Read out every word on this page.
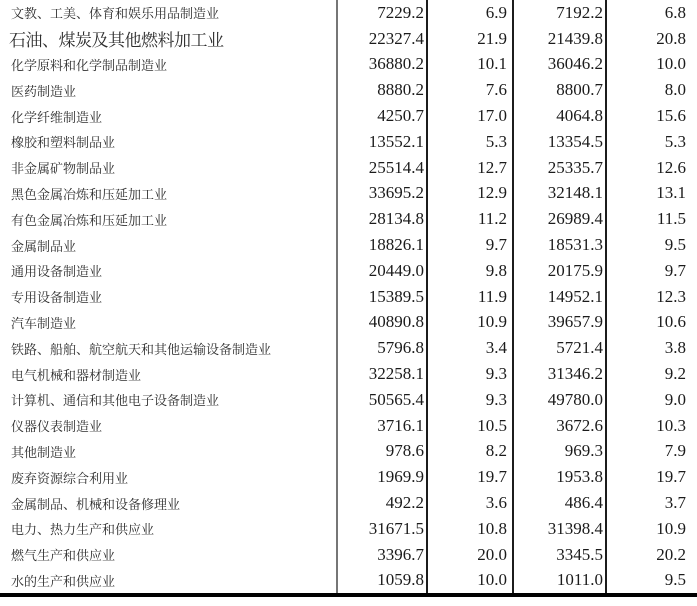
文教、工美、体育和娱乐用品制造业	7229.2	6.9	7192.2	6.8
石油、煤炭及其他燃料加工业	22327.4	21.9	21439.8	20.8
化学原料和化学制品制造业	36880.2	10.1	36046.2	10.0
医药制造业	8880.2	7.6	8800.7	8.0
化学纤维制造业	4250.7	17.0	4064.8	15.6
橡胶和塑料制品业	13552.1	5.3	13354.5	5.3
非金属矿物制品业	25514.4	12.7	25335.7	12.6
黑色金属冶炼和压延加工业	33695.2	12.9	32148.1	13.1
有色金属冶炼和压延加工业	28134.8	11.2	26989.4	11.5
金属制品业	18826.1	9.7	18531.3	9.5
通用设备制造业	20449.0	9.8	20175.9	9.7
专用设备制造业	15389.5	11.9	14952.1	12.3
汽车制造业	40890.8	10.9	39657.9	10.6
铁路、船舶、航空航天和其他运输设备制造业	5796.8	3.4	5721.4	3.8
电气机械和器材制造业	32258.1	9.3	31346.2	9.2
计算机、通信和其他电子设备制造业	50565.4	9.3	49780.0	9.0
仪器仪表制造业	3716.1	10.5	3672.6	10.3
其他制造业	978.6	8.2	969.3	7.9
废弃资源综合利用业	1969.9	19.7	1953.8	19.7
金属制品、机械和设备修理业	492.2	3.6	486.4	3.7
电力、热力生产和供应业	31671.5	10.8	31398.4	10.9
燃气生产和供应业	3396.7	20.0	3345.5	20.2
水的生产和供应业	1059.8	10.0	1011.0	9.5
